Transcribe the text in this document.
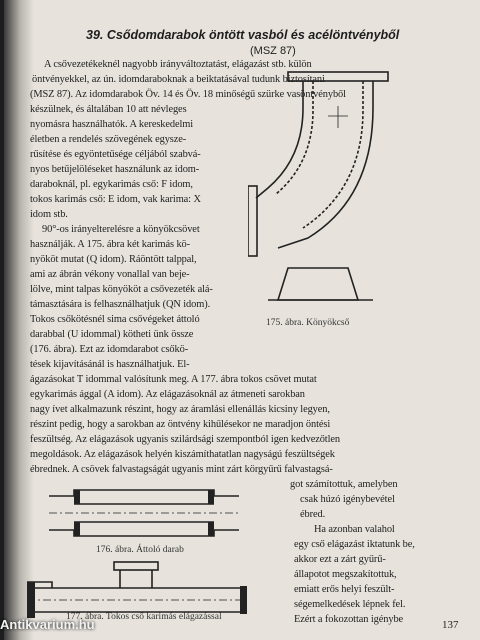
39. Csődomdarabok öntött vasból és acélöntvényből
(MSZ 87)
A csővezetékeknél nagyobb irányváltoztatást, elágazást stb. külön
öntvényekkel, az ún. idomdaraboknak a beiktatásával tudunk biztosítani
(MSZ 87). Az idomdarabok Öv. 14 és Öv. 18 minőségű szürke vasöntvényből
készülnek, és általában 10 att névleges
nyomásra használhatók. A kereskedelmi
életben a rendelés szövegének egysze-
rűsítése és egyöntetűsége céljából szabvá-
nyos betűjelöléseket használunk az idom-
daraboknál, pl. egykarimás cső: F idom,
tokos karimás cső: E idom, vak karima: X
idom stb.
90°-os irányelterelésre a könyökcsövet
használják. A 175. ábra két karimás kö-
nyököt mutat (Q idom). Ráöntött talppal,
ami az ábrán vékony vonallal van beje-
lölve, mint talpas könyököt a csővezeték alá-
támasztására is felhasználhatjuk (QN idom).
Tokos csőkötésnél sima csővégeket áttoló
darabbal (U idommal) kötheti ünk össze
(176. ábra). Ezt az idomdarabot csőkö-
tések kijavításánál is használhatjuk. El-
ágazásokat T idommal valósítunk meg. A 177. ábra tokos csövet mutat
egykarimás ággal (A idom). Az elágazásoknál az átmeneti sarokban
nagy ívet alkalmazunk részint, hogy az áramlási ellenállás kicsiny legyen,
részint pedig, hogy a sarokban az öntvény kihűlésekor ne maradjon öntési
feszültség. Az elágazások ugyanis szilárdsági szempontból igen kedvezőtlen
megoldások. Az elágazások helyén kiszámíthatatlan nagyságú feszültségek
ébrednek. A csövek falvastagságát ugyanis mint zárt körgyűrű falvastagsá-
got számítottuk, amelyben
csak húzó igénybevétel
ébred.
Ha azonban valahol
egy cső elágazást iktatunk be,
akkor ezt a zárt gyűrű-
állapotot megszakítottuk,
emiatt erős helyi feszült-
ségemelkedések lépnek fel.
Ezért a fokozottan igénybe
175. ábra. Könyökcső
176. ábra. Áttoló darab
177. ábra. Tokos cső karimás elágazással
137
Antikvarium.hu
